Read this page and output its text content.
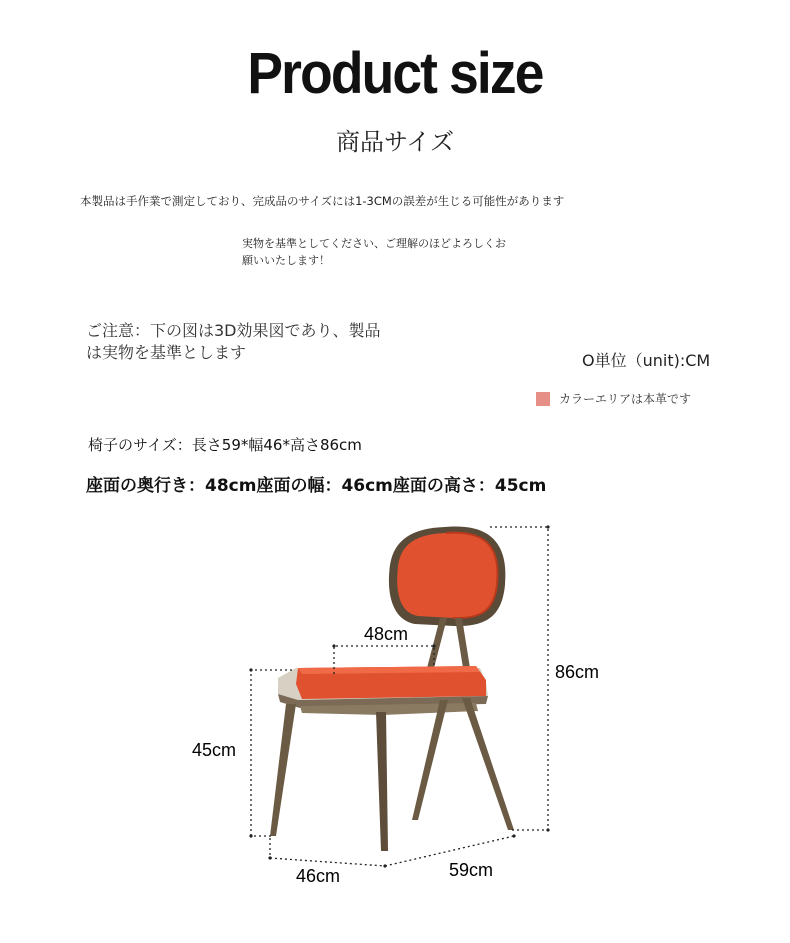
Product size
商品サイズ
本製品は手作業で測定しており、完成品のサイズには1-3CMの誤差が生じる可能性があります
実物を基準としてください、ご理解のほどよろしくお願いいたします！
ご注意：下の図は3D効果図であり、製品は実物を基準とします	O単位（unit):CM
カラーエリアは本革です
椅子のサイズ：長さ59*幅46*高さ86cm
座面の奥行き：48cm座面の幅：46cm座面の高さ：45cm
48cm
86cm
45cm
46cm	59cm
